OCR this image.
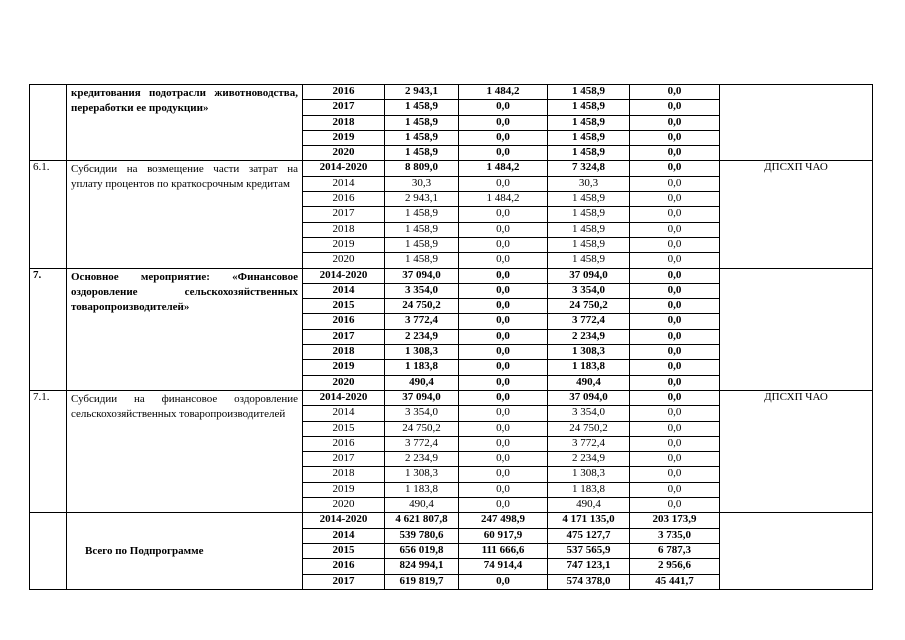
	кредитования подотрасли животноводства, переработки ее продукции»	2016	2 943,1	1 484,2	1 458,9	0,0	
		2017	1 458,9	0,0	1 458,9	0,0	
		2018	1 458,9	0,0	1 458,9	0,0	
		2019	1 458,9	0,0	1 458,9	0,0	
		2020	1 458,9	0,0	1 458,9	0,0	
6.1.	Субсидии на возмещение части затрат на уплату процентов по краткосрочным кредитам	2014-2020	8 809,0	1 484,2	7 324,8	0,0	ДПСХП ЧАО
		2014	30,3	0,0	30,3	0,0	
		2016	2 943,1	1 484,2	1 458,9	0,0	
		2017	1 458,9	0,0	1 458,9	0,0	
		2018	1 458,9	0,0	1 458,9	0,0	
		2019	1 458,9	0,0	1 458,9	0,0	
		2020	1 458,9	0,0	1 458,9	0,0	
7.	Основное мероприятие: «Финансовое оздоровление сельскохозяйственных товаропроизводителей»	2014-2020	37 094,0	0,0	37 094,0	0,0	
		2014	3 354,0	0,0	3 354,0	0,0	
		2015	24 750,2	0,0	24 750,2	0,0	
		2016	3 772,4	0,0	3 772,4	0,0	
		2017	2 234,9	0,0	2 234,9	0,0	
		2018	1 308,3	0,0	1 308,3	0,0	
		2019	1 183,8	0,0	1 183,8	0,0	
		2020	490,4	0,0	490,4	0,0	
7.1.	Субсидии на финансовое оздоровление сельскохозяйственных товаропроизводителей	2014-2020	37 094,0	0,0	37 094,0	0,0	ДПСХП ЧАО
		2014	3 354,0	0,0	3 354,0	0,0	
		2015	24 750,2	0,0	24 750,2	0,0	
		2016	3 772,4	0,0	3 772,4	0,0	
		2017	2 234,9	0,0	2 234,9	0,0	
		2018	1 308,3	0,0	1 308,3	0,0	
		2019	1 183,8	0,0	1 183,8	0,0	
		2020	490,4	0,0	490,4	0,0	
	Всего по Подпрограмме	2014-2020	4 621 807,8	247 498,9	4 171 135,0	203 173,9	
		2014	539 780,6	60 917,9	475 127,7	3 735,0	
		2015	656 019,8	111 666,6	537 565,9	6 787,3	
		2016	824 994,1	74 914,4	747 123,1	2 956,6	
		2017	619 819,7	0,0	574 378,0	45 441,7	
